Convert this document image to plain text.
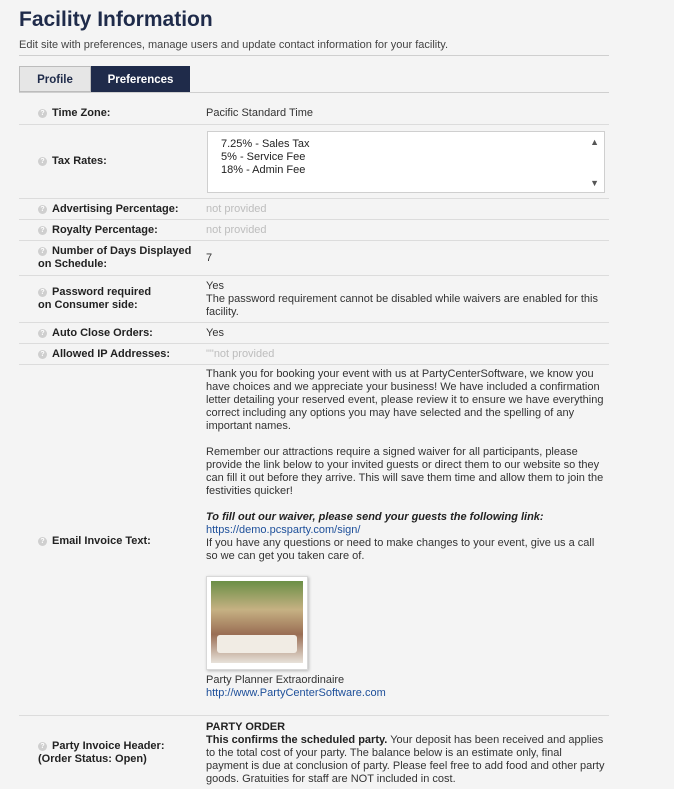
Facility Information
Edit site with preferences, manage users and update contact information for your facility.
Profile	Preferences
? Time Zone:	Pacific Standard Time
? Tax Rates:
7.25% - Sales Tax
5% - Service Fee
18% - Admin Fee
▲
▼
? Advertising Percentage: not provided
? Royalty Percentage:	not provided
? Number of Days Displayed
on Schedule:	7
? Password required
on Consumer side:
Yes
The password requirement cannot be disabled while waivers are enabled for this facility.
? Auto Close Orders:	Yes
? Allowed IP Addresses:	""not provided
? Email Invoice Text:

Thank you for booking your event with us at PartyCenterSoftware, we know you have choices and we appreciate your business! We have included a confirmation letter detailing your reserved event, please review it to ensure we have everything correct including any options you may have selected and the spelling of any important names.

Remember our attractions require a signed waiver for all participants, please provide the link below to your invited guests or direct them to our website so they can fill it out before they arrive. This will save them time and allow them to join the festivities quicker!

To fill out our waiver, please send your guests the following link:
https://demo.pcsparty.com/sign/

If you have any questions or need to make changes to your event, give us a call so we can get you taken care of.

Party Planner Extraordinaire
http://www.PartyCenterSoftware.com
? Party Invoice Header:
(Order Status: Open)
PARTY ORDER
This confirms the scheduled party. Your deposit has been received and applies to the total cost of your party. The balance below is an estimate only, final payment is due at conclusion of party. Please feel free to add food and other party goods. Gratuities for staff are NOT included in cost.
